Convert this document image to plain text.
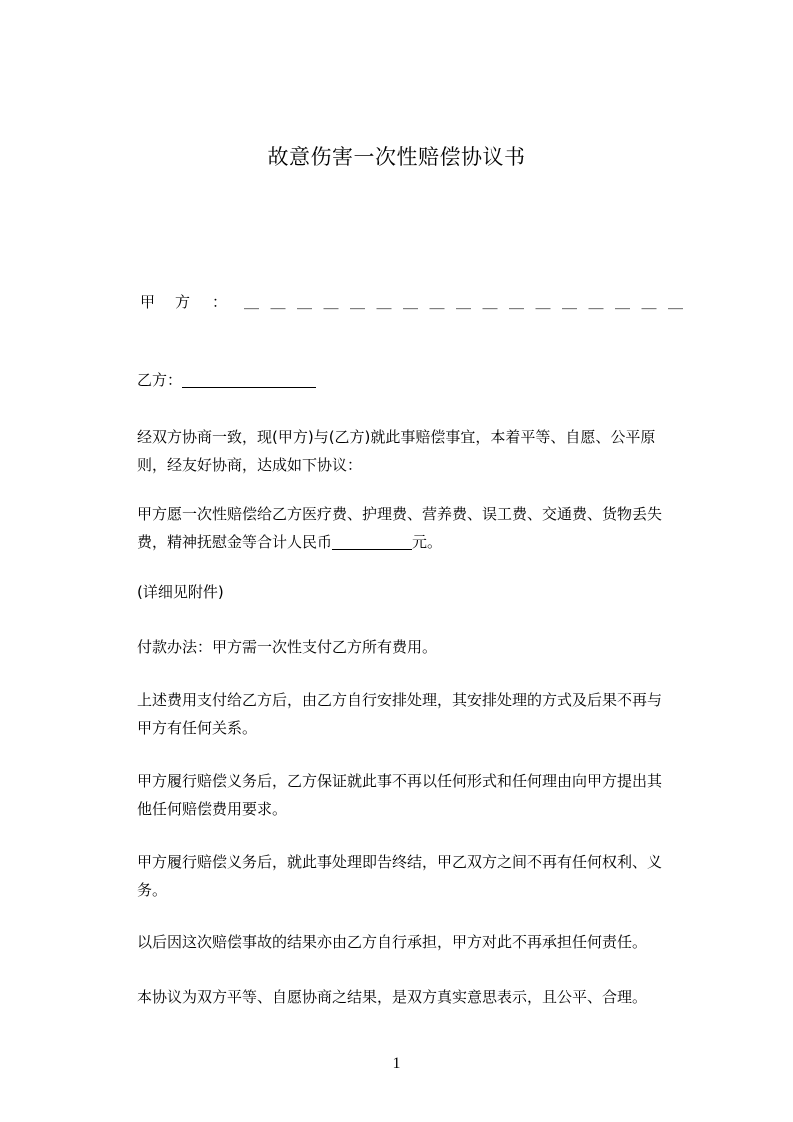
故意伤害一次性赔偿协议书
甲 方 ： ＿＿＿＿＿＿＿＿＿＿＿＿＿＿＿＿＿
乙方：
经双方协商一致，现(甲方)与(乙方)就此事赔偿事宜，本着平等、自愿、公平原
则，经友好协商，达成如下协议：
甲方愿一次性赔偿给乙方医疗费、护理费、营养费、误工费、交通费、货物丢失
费，精神抚慰金等合计人民币	元。
(详细见附件)
付款办法：甲方需一次性支付乙方所有费用。
上述费用支付给乙方后，由乙方自行安排处理，其安排处理的方式及后果不再与
甲方有任何关系。
甲方履行赔偿义务后，乙方保证就此事不再以任何形式和任何理由向甲方提出其
他任何赔偿费用要求。
甲方履行赔偿义务后，就此事处理即告终结，甲乙双方之间不再有任何权利、义
务。
以后因这次赔偿事故的结果亦由乙方自行承担，甲方对此不再承担任何责任。
本协议为双方平等、自愿协商之结果，是双方真实意思表示，且公平、合理。
1
